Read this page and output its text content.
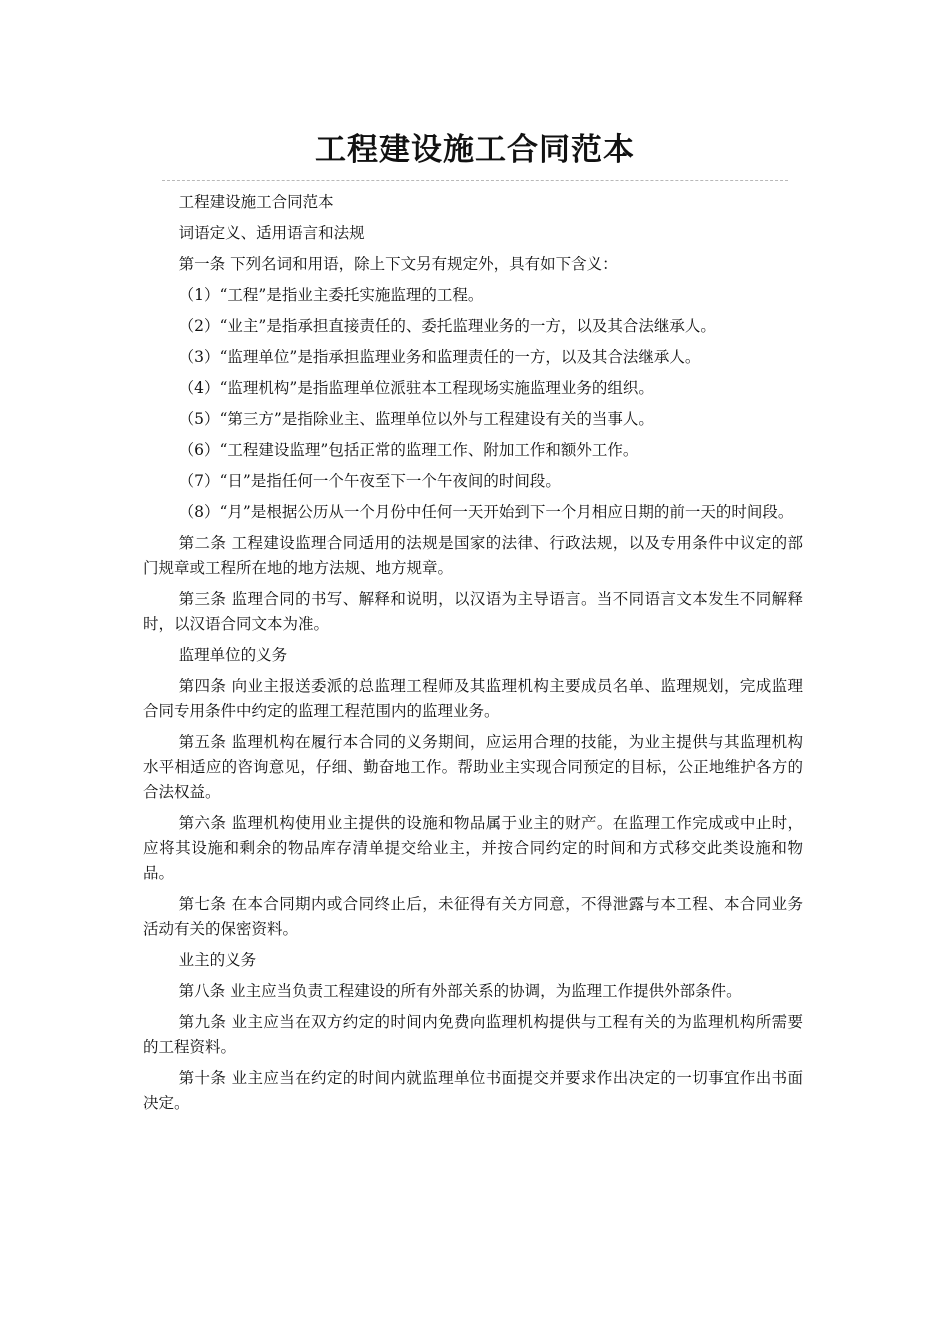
工程建设施工合同范本

工程建设施工合同范本

词语定义、适用语言和法规

第一条 下列名词和用语，除上下文另有规定外，具有如下含义：

（1）“工程”是指业主委托实施监理的工程。

（2）“业主”是指承担直接责任的、委托监理业务的一方，以及其合法继承人。

（3）“监理单位”是指承担监理业务和监理责任的一方，以及其合法继承人。

（4）“监理机构”是指监理单位派驻本工程现场实施监理业务的组织。

（5）“第三方”是指除业主、监理单位以外与工程建设有关的当事人。

（6）“工程建设监理”包括正常的监理工作、附加工作和额外工作。

（7）“日”是指任何一个午夜至下一个午夜间的时间段。

（8）“月”是根据公历从一个月份中任何一天开始到下一个月相应日期的前一天的时间段。

第二条 工程建设监理合同适用的法规是国家的法律、行政法规，以及专用条件中议定的部门规章或工程所在地的地方法规、地方规章。

第三条 监理合同的书写、解释和说明，以汉语为主导语言。当不同语言文本发生不同解释时，以汉语合同文本为准。

监理单位的义务

第四条 向业主报送委派的总监理工程师及其监理机构主要成员名单、监理规划，完成监理合同专用条件中约定的监理工程范围内的监理业务。

第五条 监理机构在履行本合同的义务期间，应运用合理的技能，为业主提供与其监理机构水平相适应的咨询意见，仔细、勤奋地工作。帮助业主实现合同预定的目标，公正地维护各方的合法权益。

第六条 监理机构使用业主提供的设施和物品属于业主的财产。在监理工作完成或中止时，应将其设施和剩余的物品库存清单提交给业主，并按合同约定的时间和方式移交此类设施和物品。

第七条 在本合同期内或合同终止后，未征得有关方同意，不得泄露与本工程、本合同业务活动有关的保密资料。

业主的义务

第八条 业主应当负责工程建设的所有外部关系的协调，为监理工作提供外部条件。

第九条 业主应当在双方约定的时间内免费向监理机构提供与工程有关的为监理机构所需要的工程资料。

第十条 业主应当在约定的时间内就监理单位书面提交并要求作出决定的一切事宜作出书面决定。
